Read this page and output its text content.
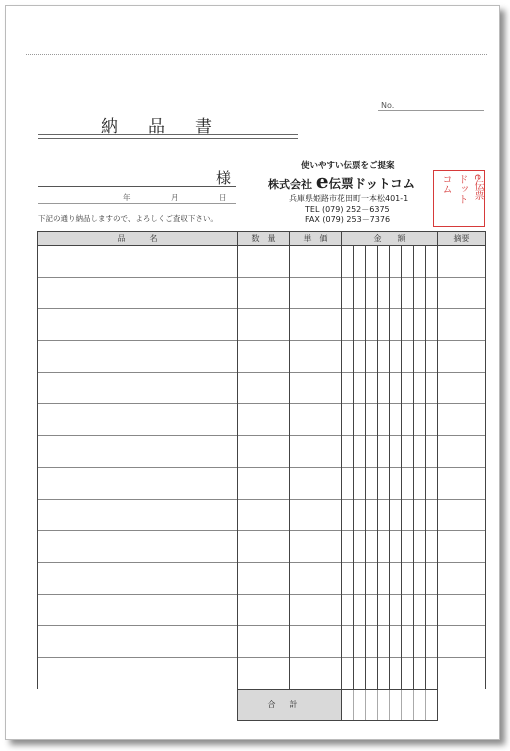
No.
納品書
様
年	月	日
下記の通り納品しますので、よろしくご査収下さい。
使いやすい伝票をご提案
株式会社 e伝票ドットコム
兵庫県姫路市花田町一本松401-1
TEL (079) 252－6375
FAX (079) 253－7376
e伝票
ドット
コム
品　　　名	数　量	単　価	金　　額								摘要

	合計										
